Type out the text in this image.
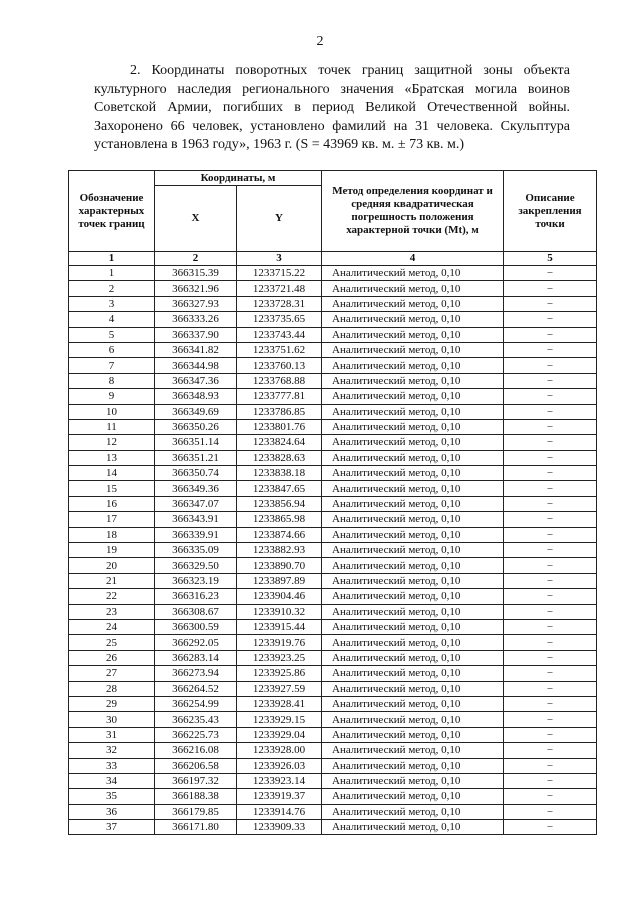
2

2. Координаты поворотных точек границ защитной зоны объекта культурного наследия регионального значения «Братская могила воинов Советской Армии, погибших в период Великой Отечественной войны. Захоронено 66 человек, установлено фамилий на 31 человека. Скульптура установлена в 1963 году», 1963 г. (S = 43969 кв. м. ± 73 кв. м.)

Обозначение характерных точек границ	Координаты, м		Метод определения координат и средняя квадратическая погрешность положения характерной точки (Mt), м	Описание закрепления точки
	X	Y		
1	2	3	4	5
1	366315.39	1233715.22	Аналитический метод, 0,10	–
2	366321.96	1233721.48	Аналитический метод, 0,10	–
3	366327.93	1233728.31	Аналитический метод, 0,10	–
4	366333.26	1233735.65	Аналитический метод, 0,10	–
5	366337.90	1233743.44	Аналитический метод, 0,10	–
6	366341.82	1233751.62	Аналитический метод, 0,10	–
7	366344.98	1233760.13	Аналитический метод, 0,10	–
8	366347.36	1233768.88	Аналитический метод, 0,10	–
9	366348.93	1233777.81	Аналитический метод, 0,10	–
10	366349.69	1233786.85	Аналитический метод, 0,10	–
11	366350.26	1233801.76	Аналитический метод, 0,10	–
12	366351.14	1233824.64	Аналитический метод, 0,10	–
13	366351.21	1233828.63	Аналитический метод, 0,10	–
14	366350.74	1233838.18	Аналитический метод, 0,10	–
15	366349.36	1233847.65	Аналитический метод, 0,10	–
16	366347.07	1233856.94	Аналитический метод, 0,10	–
17	366343.91	1233865.98	Аналитический метод, 0,10	–
18	366339.91	1233874.66	Аналитический метод, 0,10	–
19	366335.09	1233882.93	Аналитический метод, 0,10	–
20	366329.50	1233890.70	Аналитический метод, 0,10	–
21	366323.19	1233897.89	Аналитический метод, 0,10	–
22	366316.23	1233904.46	Аналитический метод, 0,10	–
23	366308.67	1233910.32	Аналитический метод, 0,10	–
24	366300.59	1233915.44	Аналитический метод, 0,10	–
25	366292.05	1233919.76	Аналитический метод, 0,10	–
26	366283.14	1233923.25	Аналитический метод, 0,10	–
27	366273.94	1233925.86	Аналитический метод, 0,10	–
28	366264.52	1233927.59	Аналитический метод, 0,10	–
29	366254.99	1233928.41	Аналитический метод, 0,10	–
30	366235.43	1233929.15	Аналитический метод, 0,10	–
31	366225.73	1233929.04	Аналитический метод, 0,10	–
32	366216.08	1233928.00	Аналитический метод, 0,10	–
33	366206.58	1233926.03	Аналитический метод, 0,10	–
34	366197.32	1233923.14	Аналитический метод, 0,10	–
35	366188.38	1233919.37	Аналитический метод, 0,10	–
36	366179.85	1233914.76	Аналитический метод, 0,10	–
37	366171.80	1233909.33	Аналитический метод, 0,10	–
